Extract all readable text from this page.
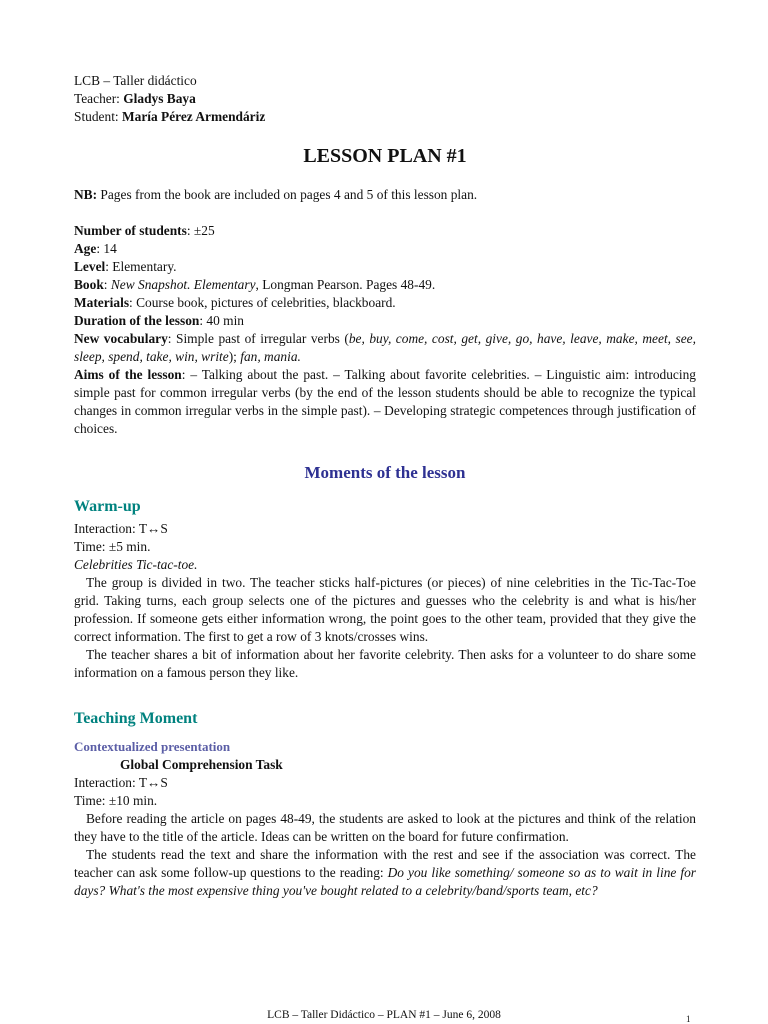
LCB – Taller didáctico

Teacher: Gladys Baya

Student: María Pérez Armendáriz

LESSON PLAN #1

NB: Pages from the book are included on pages 4 and 5 of this lesson plan.

Number of students: ±25

Age: 14

Level: Elementary.

Book: New Snapshot. Elementary, Longman Pearson. Pages 48-49.

Materials: Course book, pictures of celebrities, blackboard.

Duration of the lesson: 40 min

New vocabulary: Simple past of irregular verbs (be, buy, come, cost, get, give, go, have, leave, make, meet, see, sleep, spend, take, win, write); fan, mania.

Aims of the lesson: – Talking about the past. – Talking about favorite celebrities. – Linguistic aim: introducing simple past for common irregular verbs (by the end of the lesson students should be able to recognize the typical changes in common irregular verbs in the simple past). – Developing strategic competences through justification of choices.

Moments of the lesson
Warm-up

Interaction: T↔S

Time: ±5 min.

Celebrities Tic-tac-toe.

The group is divided in two. The teacher sticks half-pictures (or pieces) of nine celebrities in the Tic-Tac-Toe grid. Taking turns, each group selects one of the pictures and guesses who the celebrity is and what is his/her profession. If someone gets either information wrong, the point goes to the other team, provided that they give the correct information. The first to get a row of 3 knots/crosses wins.

The teacher shares a bit of information about her favorite celebrity. Then asks for a volunteer to do share some information on a famous person they like.

Teaching Moment
Contextualized presentation

Global Comprehension Task

Interaction: T↔S

Time: ±10 min.

Before reading the article on pages 48-49, the students are asked to look at the pictures and think of the relation they have to the title of the article. Ideas can be written on the board for future confirmation.

The students read the text and share the information with the rest and see if the association was correct. The teacher can ask some follow-up questions to the reading: Do you like something/ someone so as to wait in line for days? What's the most expensive thing you've bought related to a celebrity/band/sports team, etc?

LCB – Taller Didáctico – PLAN #1 – June 6, 2008	1
